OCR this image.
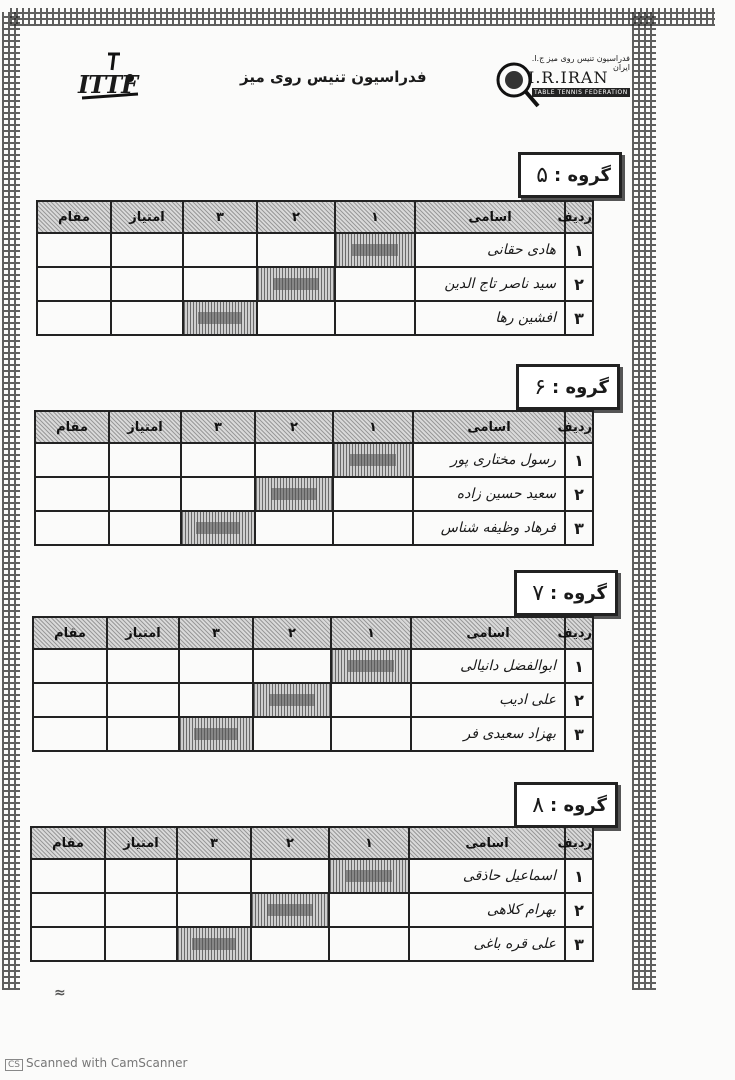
ITTF	فدراسیون تنیس روی میز
فدراسیون تنیس روی میز ج.ا. ایران
I.R.IRAN
TABLE TENNIS FEDERATION
گروه :
۵
ردیف	اسامی	۱	۲	۳	امتیاز	مقام
۱	هادی حقانی	

۲	سید ناصر تاج الدین		

۳	افشین رها			

گروه :
۶
ردیف	اسامی	۱	۲	۳	امتیاز	مقام
۱	رسول مختاری پور	

۲	سعید حسین زاده		

۳	فرهاد وظیفه شناس			

گروه :
۷
ردیف	اسامی	۱	۲	۳	امتیاز	مقام
۱	ابوالفضل دانیالی	

۲	علی ادیب		

۳	بهزاد سعیدی فر			

گروه :
۸
ردیف	اسامی	۱	۲	۳	امتیاز	مقام
۱	اسماعیل حاذقی	

۲	بهرام کلاهی		

۳	علی قره باغی			

≈
CS Scanned with CamScanner
